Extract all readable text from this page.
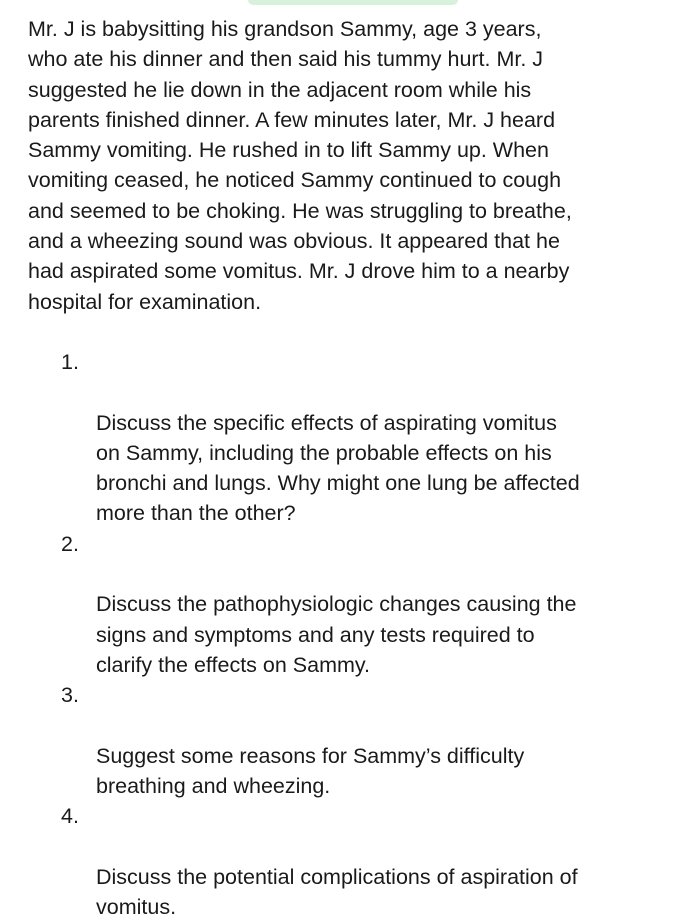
Mr. J is babysitting his grandson Sammy, age 3 years,
who ate his dinner and then said his tummy hurt. Mr. J
suggested he lie down in the adjacent room while his
parents finished dinner. A few minutes later, Mr. J heard
Sammy vomiting. He rushed in to lift Sammy up. When
vomiting ceased, he noticed Sammy continued to cough
and seemed to be choking. He was struggling to breathe,
and a wheezing sound was obvious. It appeared that he
had aspirated some vomitus. Mr. J drove him to a nearby
hospital for examination.

1.

Discuss the specific effects of aspirating vomitus
on Sammy, including the probable effects on his
bronchi and lungs. Why might one lung be affected
more than the other?

2.

Discuss the pathophysiologic changes causing the
signs and symptoms and any tests required to
clarify the effects on Sammy.

3.

Suggest some reasons for Sammy’s difficulty
breathing and wheezing.

4.

Discuss the potential complications of aspiration of
vomitus.
